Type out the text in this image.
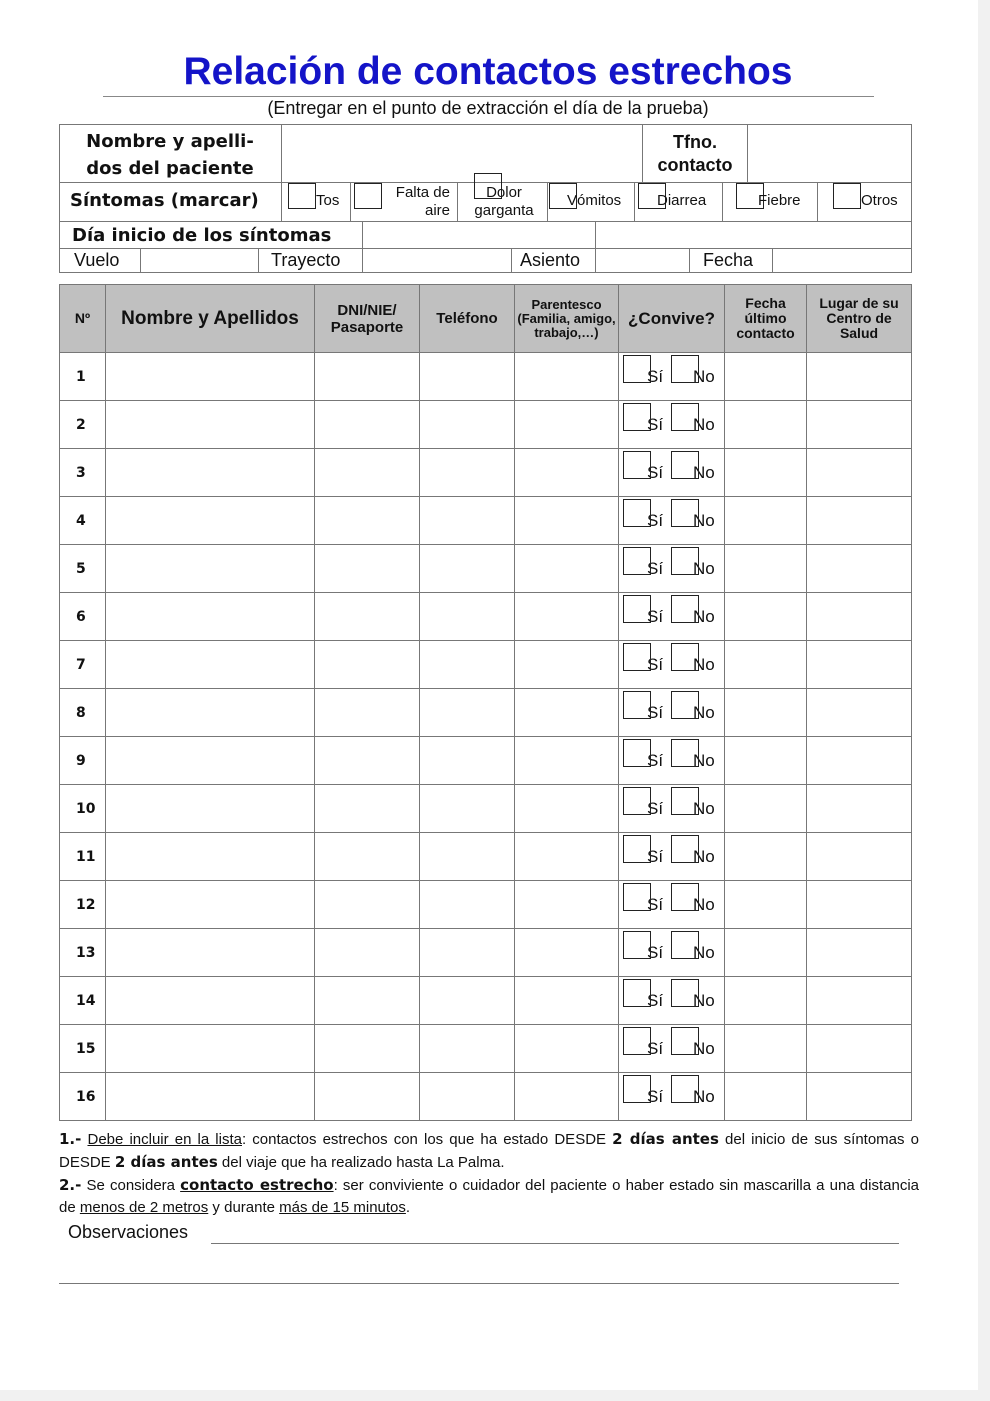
Relación de contactos estrechos
(Entregar en el punto de extracción el día de la prueba)
Nombre y apelli-
dos del paciente
Tfno.
contacto
Síntomas (marcar)	Tos	Falta de aire
Dolor garganta
Vómitos Diarrea	Fiebre	Otros
Día inicio de los síntomas
Vuelo	Trayecto	Asiento	Fecha
Nº	Nombre y Apellidos	DNI/NIE/ Pasaporte	Teléfono	Parentesco (Familia, amigo, trabajo,…)	¿Convive?	Fecha último contacto	Lugar de su Centro de Salud
1					Sí No		

2					Sí No		

3					Sí No		

4					Sí No		

5					Sí No		

6					Sí No		

7					Sí No		

8					Sí No		

9					Sí No		

10					Sí No		

11					Sí No		

12					Sí No		

13					Sí No		

14					Sí No		

15					Sí No		

16					Sí No		

1.- Debe incluir en la lista: contactos estrechos con los que ha estado DESDE 2 días antes del inicio de sus síntomas o DESDE 2 días antes del viaje que ha realizado hasta La Palma.
2.- Se considera contacto estrecho: ser conviviente o cuidador del paciente o haber estado sin mascarilla a una distancia de menos de 2 metros y durante más de 15 minutos.
Observaciones
